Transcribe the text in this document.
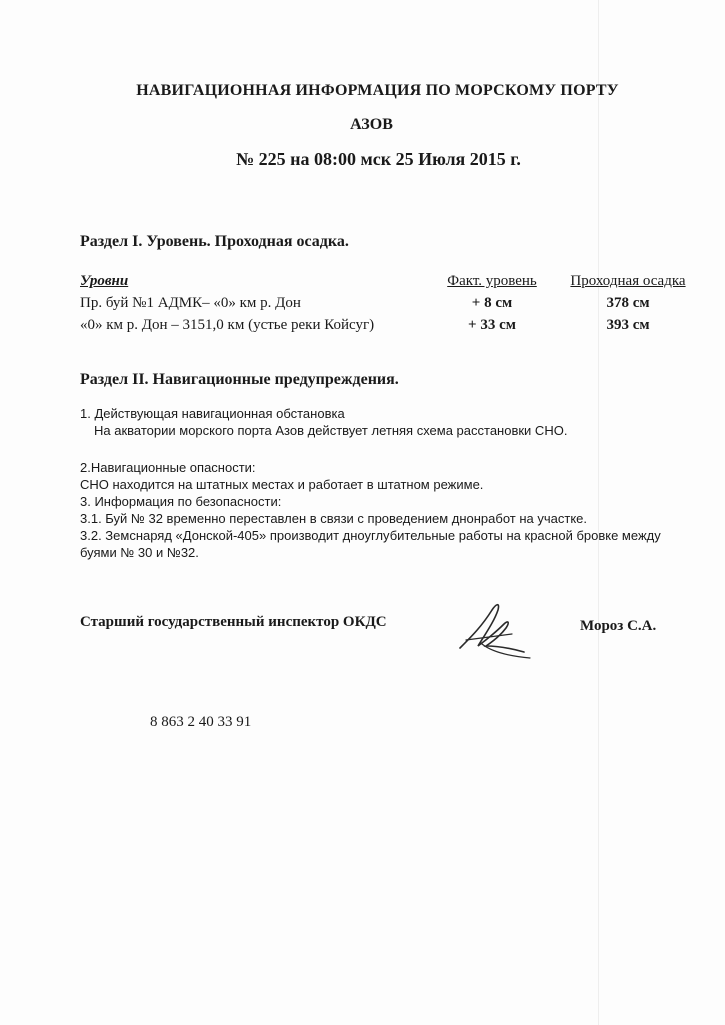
НАВИГАЦИОННАЯ ИНФОРМАЦИЯ ПО МОРСКОМУ ПОРТУ
АЗОВ
№ 225 на 08:00 мск 25 Июля 2015 г.
Раздел I. Уровень. Проходная осадка.
Уровни	Факт. уровень	Проходная осадка
Пр. буй №1 АДМК– «0» км р. Дон	+ 8 см	378 см
«0» км р. Дон – 3151,0 км (устье реки Койсуг)	+ 33 см	393 см
Раздел II. Навигационные предупреждения.
1. Действующая навигационная обстановка
На акватории морского порта Азов действует летняя схема расстановки СНО.
2.Навигационные опасности:
СНО находится на штатных местах и работает в штатном режиме.
3. Информация по безопасности:
3.1. Буй № 32 временно переставлен в связи с проведением днонработ на участке.
3.2. Земснаряд «Донской-405» производит дноуглубительные работы на красной бровке между буями № 30 и №32.
Старший государственный инспектор ОКДС	Мороз С.А.
8 863 2 40 33 91
